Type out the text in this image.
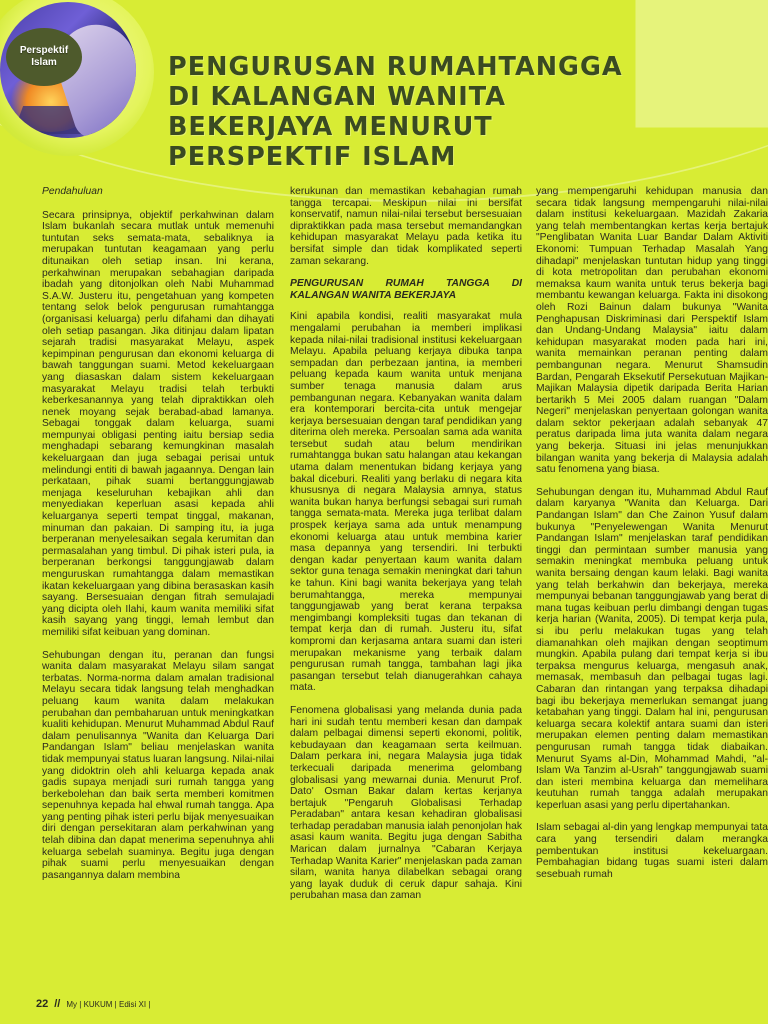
Perspektif
Islam	PENGURUSAN RUMAHTANGGA
DI KALANGAN WANITA
BEKERJAYA MENURUT
PERSPEKTIF ISLAM

Pendahuluan

Secara prinsipnya, objektif perkahwinan dalam Islam bukanlah secara mutlak untuk memenuhi tuntutan seks semata-mata, sebaliknya ia merupakan tuntutan keagamaan yang perlu ditunaikan oleh setiap insan. Ini kerana, perkahwinan merupakan sebahagian daripada ibadah yang ditonjolkan oleh Nabi Muhammad S.A.W. Justeru itu, pengetahuan yang kompeten tentang selok belok pengurusan rumahtangga (organisasi keluarga) perlu difahami dan dihayati oleh setiap pasangan. Jika ditinjau dalam lipatan sejarah tradisi masyarakat Melayu, aspek kepimpinan pengurusan dan ekonomi keluarga di bawah tanggungan suami. Metod kekeluargaan yang diasaskan dalam sistem kekeluargaan masyarakat Melayu tradisi telah terbukti keberkesanannya yang telah dipraktikkan oleh nenek moyang sejak berabad-abad lamanya. Sebagai tonggak dalam keluarga, suami mempunyai obligasi penting iaitu bersiap sedia menghadapi sebarang kemungkinan masalah kekeluargaan dan juga sebagai perisai untuk melindungi entiti di bawah jagaannya. Dengan lain perkataan, pihak suami bertanggungjawab menjaga keseluruhan kebajikan ahli dan menyediakan keperluan asasi kepada ahli keluarganya seperti tempat tinggal, makanan, minuman dan pakaian. Di samping itu, ia juga berperanan menyelesaikan segala kerumitan dan permasalahan yang timbul. Di pihak isteri pula, ia berperanan berkongsi tanggungjawab dalam menguruskan rumahtangga dalam memastikan ikatan kekeluargaan yang dibina berasaskan kasih sayang. Bersesuaian dengan fitrah semulajadi yang dicipta oleh Ilahi, kaum wanita memiliki sifat kasih sayang yang tinggi, lemah lembut dan memiliki sifat keibuan yang dominan.

Sehubungan dengan itu, peranan dan fungsi wanita dalam masyarakat Melayu silam sangat terbatas. Norma-norma dalam amalan tradisional Melayu secara tidak langsung telah menghadkan peluang kaum wanita dalam melakukan perubahan dan pembaharuan untuk meningkatkan kualiti kehidupan. Menurut Muhammad Abdul Rauf dalam penulisannya "Wanita dan Keluarga Dari Pandangan Islam" beliau menjelaskan wanita tidak mempunyai status luaran langsung. Nilai-nilai yang didoktrin oleh ahli keluarga kepada anak gadis supaya menjadi suri rumah tangga yang berkebolehan dan baik serta memberi komitmen sepenuhnya kepada hal ehwal rumah tangga. Apa yang penting pihak isteri perlu bijak menyesuaikan diri dengan persekitaran alam perkahwinan yang telah dibina dan dapat menerima sepenuhnya ahli keluarga sebelah suaminya. Begitu juga dengan pihak suami perlu menyesuaikan dengan pasangannya dalam membina

kerukunan dan memastikan kebahagian rumah tangga tercapai. Meskipun nilai ini bersifat konservatif, namun nilai-nilai tersebut bersesuaian dipraktikkan pada masa tersebut memandangkan kehidupan masyarakat Melayu pada ketika itu bersifat simple dan tidak komplikated seperti zaman sekarang.

PENGURUSAN RUMAH TANGGA DI KALANGAN WANITA BEKERJAYA

Kini apabila kondisi, realiti masyarakat mula mengalami perubahan ia memberi implikasi kepada nilai-nilai tradisional institusi kekeluargaan Melayu. Apabila peluang kerjaya dibuka tanpa sempadan dan perbezaan jantina, ia memberi peluang kepada kaum wanita untuk menjana sumber tenaga manusia dalam arus pembangunan negara. Kebanyakan wanita dalam era kontemporari bercita-cita untuk mengejar kerjaya bersesuaian dengan taraf pendidikan yang diterima oleh mereka. Persoalan sama ada wanita tersebut sudah atau belum mendirikan rumahtangga bukan satu halangan atau kekangan utama dalam menentukan bidang kerjaya yang bakal diceburi. Realiti yang berlaku di negara kita khususnya di negara Malaysia amnya, status wanita bukan hanya berfungsi sebagai suri rumah tangga semata-mata. Mereka juga terlibat dalam prospek kerjaya sama ada untuk menampung ekonomi keluarga atau untuk membina karier masa depannya yang tersendiri. Ini terbukti dengan kadar penyertaan kaum wanita dalam sektor guna tenaga semakin meningkat dari tahun ke tahun. Kini bagi wanita bekerjaya yang telah berumahtangga, mereka mempunyai tanggungjawab yang berat kerana terpaksa mengimbangi kompleksiti tugas dan tekanan di tempat kerja dan di rumah. Justeru itu, sifat kompromi dan kerjasama antara suami dan isteri merupakan mekanisme yang terbaik dalam pengurusan rumah tangga, tambahan lagi jika pasangan tersebut telah dianugerahkan cahaya mata.

Fenomena globalisasi yang melanda dunia pada hari ini sudah tentu memberi kesan dan dampak dalam pelbagai dimensi seperti ekonomi, politik, kebudayaan dan keagamaan serta keilmuan. Dalam perkara ini, negara Malaysia juga tidak terkecuali daripada menerima gelombang globalisasi yang mewarnai dunia. Menurut Prof. Dato' Osman Bakar dalam kertas kerjanya bertajuk "Pengaruh Globalisasi Terhadap Peradaban" antara kesan kehadiran globalisasi terhadap peradaban manusia ialah penonjolan hak asasi kaum wanita. Begitu juga dengan Sabitha Marican dalam jurnalnya "Cabaran Kerjaya Terhadap Wanita Karier" menjelaskan pada zaman silam, wanita hanya dilabelkan sebagai orang yang layak duduk di ceruk dapur sahaja. Kini perubahan masa dan zaman

yang mempengaruhi kehidupan manusia dan secara tidak langsung mempengaruhi nilai-nilai dalam institusi kekeluargaan. Mazidah Zakaria yang telah membentangkan kertas kerja bertajuk "Penglibatan Wanita Luar Bandar Dalam Aktiviti Ekonomi: Tumpuan Terhadap Masalah Yang dihadapi" menjelaskan tuntutan hidup yang tinggi di kota metropolitan dan perubahan ekonomi memaksa kaum wanita untuk terus bekerja bagi membantu kewangan keluarga. Fakta ini disokong oleh Rozi Bainun dalam bukunya "Wanita Penghapusan Diskriminasi dari Perspektif Islam dan Undang-Undang Malaysia" iaitu dalam kehidupan masyarakat moden pada hari ini, wanita memainkan peranan penting dalam pembangunan negara. Menurut Shamsudin Bardan, Pengarah Eksekutif Persekutuan Majikan-Majikan Malaysia dipetik daripada Berita Harian bertarikh 5 Mei 2005 dalam ruangan "Dalam Negeri" menjelaskan penyertaan golongan wanita dalam sektor pekerjaan adalah sebanyak 47 peratus daripada lima juta wanita dalam negara yang bekerja. Situasi ini jelas menunjukkan bilangan wanita yang bekerja di Malaysia adalah satu fenomena yang biasa.

Sehubungan dengan itu, Muhammad Abdul Rauf dalam karyanya "Wanita dan Keluarga. Dari Pandangan Islam" dan Che Zainon Yusuf dalam bukunya "Penyelewengan Wanita Menurut Pandangan Islam" menjelaskan taraf pendidikan tinggi dan permintaan sumber manusia yang semakin meningkat membuka peluang untuk wanita bersaing dengan kaum lelaki. Bagi wanita yang telah berkahwin dan bekerjaya, mereka mempunyai bebanan tanggungjawab yang berat di mana tugas keibuan perlu dimbangi dengan tugas kerja harian (Wanita, 2005). Di tempat kerja pula, si ibu perlu melakukan tugas yang telah diamanahkan oleh majikan dengan seoptimum mungkin. Apabila pulang dari tempat kerja si ibu terpaksa mengurus keluarga, mengasuh anak, memasak, membasuh dan pelbagai tugas lagi. Cabaran dan rintangan yang terpaksa dihadapi bagi ibu bekerjaya memerlukan semangat juang ketabahan yang tinggi. Dalam hal ini, pengurusan keluarga secara kolektif antara suami dan isteri merupakan elemen penting dalam memastikan pengurusan rumah tangga tidak diabaikan. Menurut Syams al-Din, Mohammad Mahdi, "al-Islam Wa Tanzim al-Usrah" tanggungjawab suami dan isteri membina keluarga dan memelihara keutuhan rumah tangga adalah merupakan keperluan asasi yang perlu dipertahankan.

Islam sebagai al-din yang lengkap mempunyai tata cara yang tersendiri dalam merangka pembentukan institusi kekeluargaan. Pembahagian bidang tugas suami isteri dalam sesebuah rumah

22 // My | KUKUM | Edisi XI |
